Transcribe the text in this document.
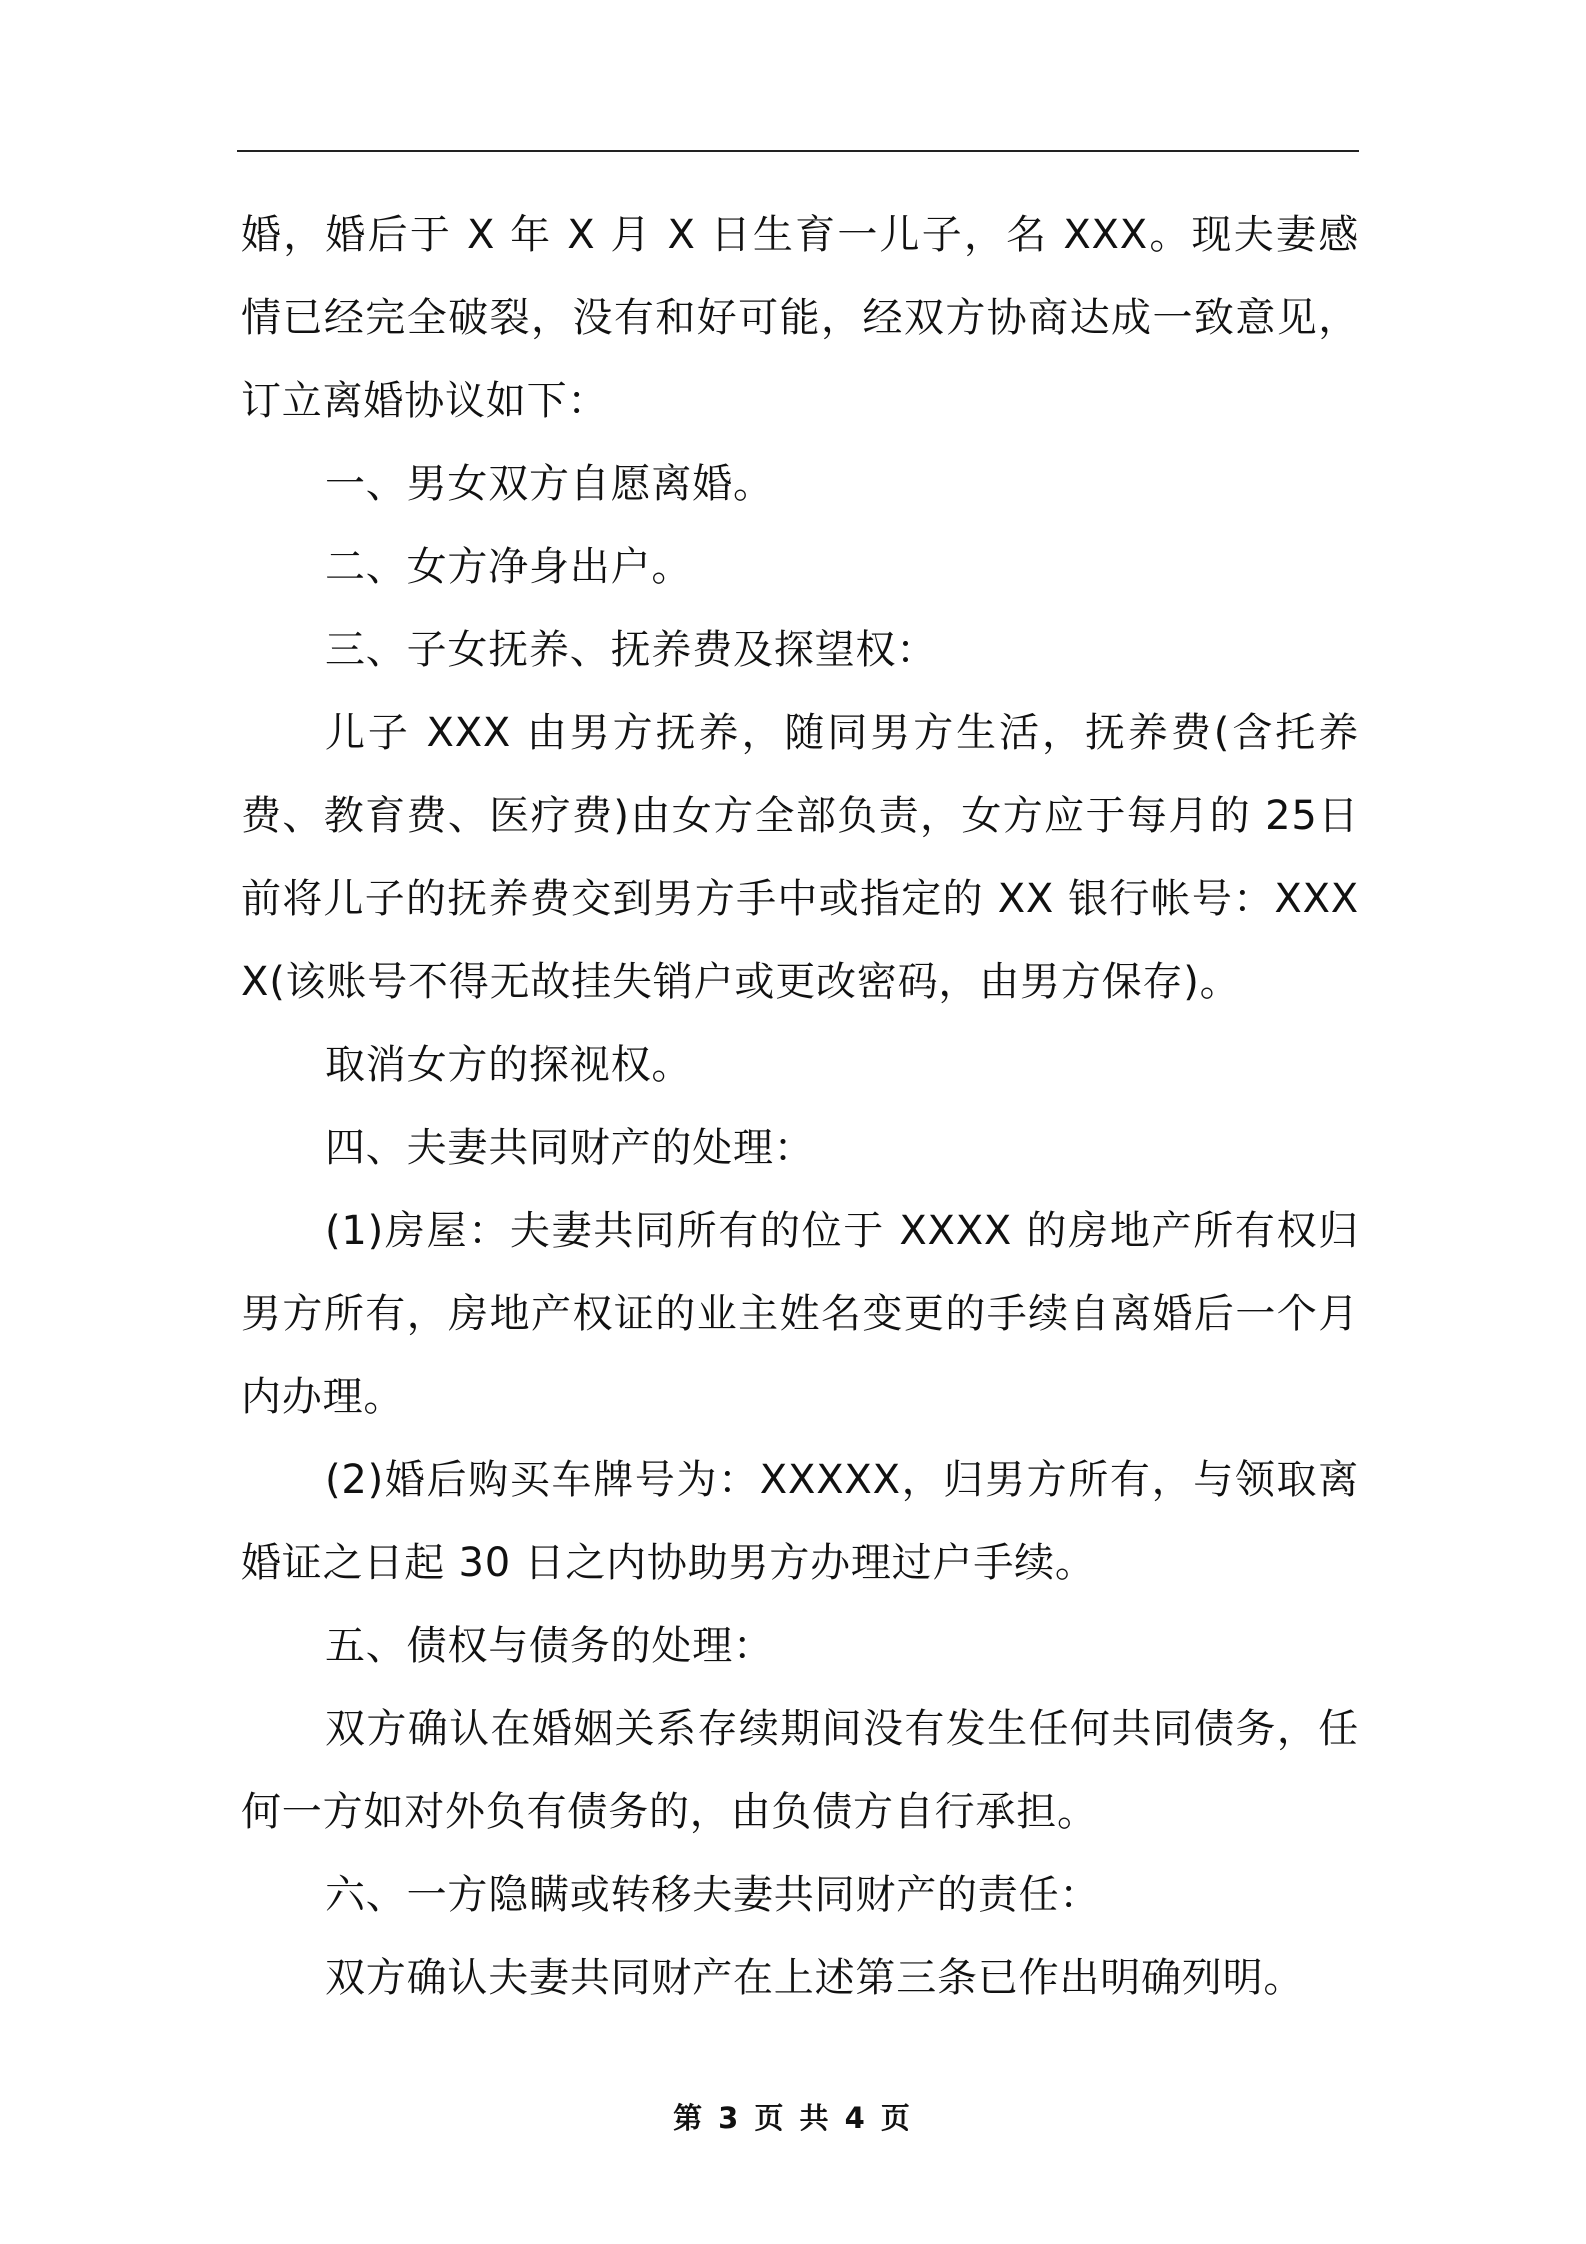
婚，婚后于 X 年 X 月 X 日生育一儿子，名 XXX。现夫妻感情已经完全破裂，没有和好可能，经双方协商达成一致意见，订立离婚协议如下：

一、男女双方自愿离婚。

二、女方净身出户。

三、子女抚养、抚养费及探望权：

儿子 XXX 由男方抚养，随同男方生活，抚养费(含托养费、教育费、医疗费)由女方全部负责，女方应于每月的 25日前将儿子的抚养费交到男方手中或指定的 XX 银行帐号：XXXX(该账号不得无故挂失销户或更改密码，由男方保存)。

取消女方的探视权。

四、夫妻共同财产的处理：

(1)房屋：夫妻共同所有的位于 XXXX 的房地产所有权归男方所有，房地产权证的业主姓名变更的手续自离婚后一个月内办理。

(2)婚后购买车牌号为：XXXXX，归男方所有，与领取离婚证之日起 30 日之内协助男方办理过户手续。

五、债权与债务的处理：

双方确认在婚姻关系存续期间没有发生任何共同债务，任何一方如对外负有债务的，由负债方自行承担。

六、一方隐瞒或转移夫妻共同财产的责任：

双方确认夫妻共同财产在上述第三条已作出明确列明。

第 3 页 共 4 页
